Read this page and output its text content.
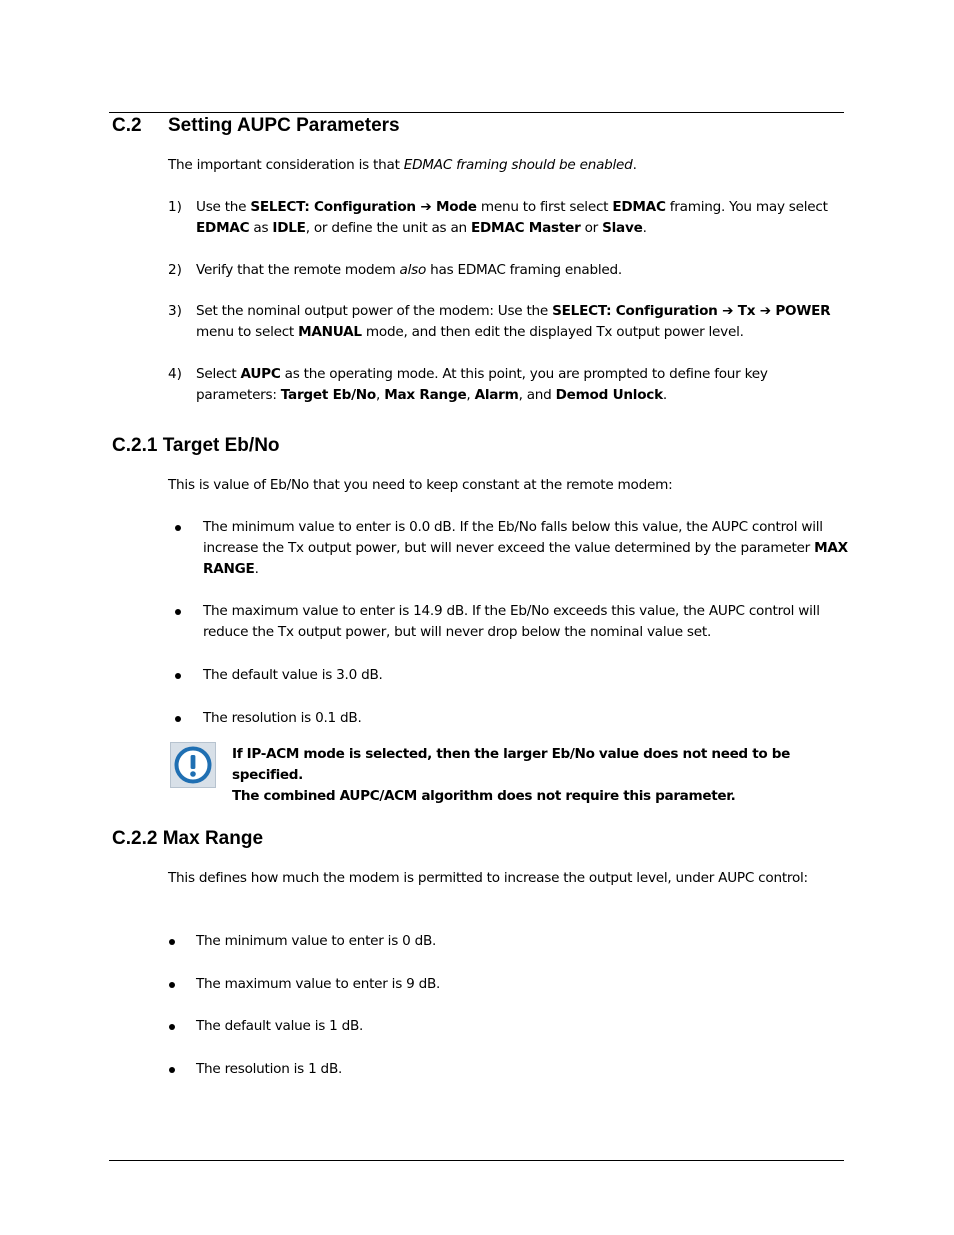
C.2 Setting AUPC Parameters
The important consideration is that EDMAC framing should be enabled.
1) Use the SELECT: Configuration ➔ Mode menu to first select EDMAC framing. You may select EDMAC as IDLE, or define the unit as an EDMAC Master or Slave.
2) Verify that the remote modem also has EDMAC framing enabled.
3) Set the nominal output power of the modem: Use the SELECT: Configuration ➔ Tx ➔ POWER menu to select MANUAL mode, and then edit the displayed Tx output power level.
4) Select AUPC as the operating mode. At this point, you are prompted to define four key parameters: Target Eb/No, Max Range, Alarm, and Demod Unlock.
C.2.1 Target Eb/No
This is value of Eb/No that you need to keep constant at the remote modem:
The minimum value to enter is 0.0 dB. If the Eb/No falls below this value, the AUPC control will increase the Tx output power, but will never exceed the value determined by the parameter MAX RANGE.
The maximum value to enter is 14.9 dB. If the Eb/No exceeds this value, the AUPC control will reduce the Tx output power, but will never drop below the nominal value set.
The default value is 3.0 dB.
The resolution is 0.1 dB.
If IP-ACM mode is selected, then the larger Eb/No value does not need to be specified.
The combined AUPC/ACM algorithm does not require this parameter.
C.2.2 Max Range
This defines how much the modem is permitted to increase the output level, under AUPC control:
The minimum value to enter is 0 dB.
The maximum value to enter is 9 dB.
The default value is 1 dB.
The resolution is 1 dB.
